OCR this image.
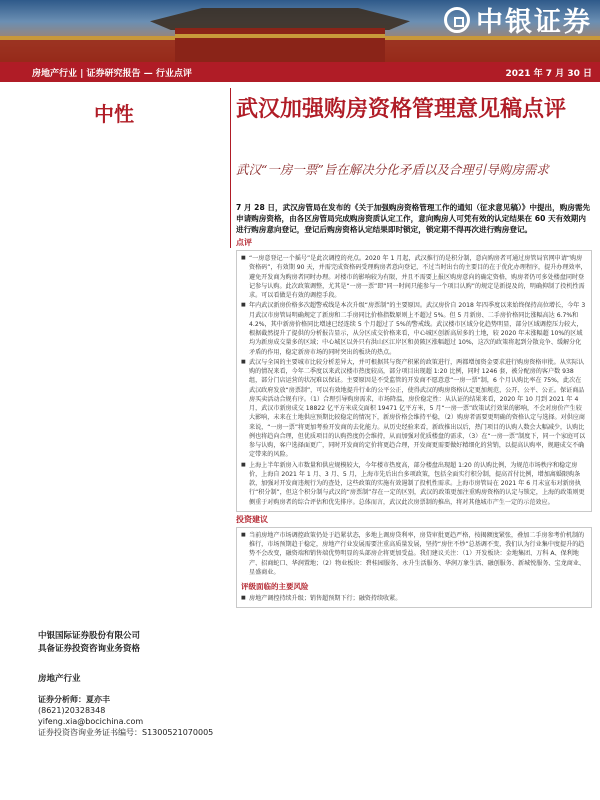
中银证券
房地产行业 | 证券研究报告 — 行业点评	2021 年 7 月 30 日
中性	武汉加强购房资格管理意见稿点评
武汉“一房一票”旨在解决分化矛盾以及合理引导购房需求

7 月 28 日，武汉房管局在发布的《关于加强购房资格管理工作的通知（征求意见稿）》中提出，购房需先申请购房资格，由各区房管局完成购房资质认定工作，意向购房人可凭有效的认定结果在 60 天有效期内进行购房意向登记，登记后购房资格认定结果即时锁定，锁定期不得再次进行购房登记。

点评

■ “一房意登记一个摇号”是此次调控的亮点。2020 年 1 月起，武汉推行的是积分制，意向购房者可通过房管局官网申请“购房资格码”，有效期 90 天，并需完成资格码受理购房者意向登记，不过当时出台的主要目的在于优化办理程序，提升办理效率，避免开发商为购房者同时办理。对楼市的影响较为有限，并且不需要上报区购房意向的确定资格，购房者仍可多处楼盘同时登记参与认购。此次政策调整，尤其是“一房一票”即“同一时间只能参与一个项目认购”的规定是新提及的，明确抑制了投机性需求。可以看做是有效的调控手段。

■ 年内武汉新房价格多次超警戒线是本次升级“房票制”的主要原因。武汉房价自 2018 年四季度以来始终保持高位增长，今年 3 月武汉市房管局明确规定了新房和二手房同比价格指数原则上不超过 5%。但 5 月新房、二手房价格同比涨幅高达 6.7%和 4.2%，其中新房价格同比增速已经连续 5 个月超过了 5%的警戒线。武汉楼市区域分化趋势明显，部分区域调控压力较大，根据截然提升了提供的分析报告显示，从分区成交价格来看，中心城区创新高居多的土地，较 2020 年末涨幅超 10%的区域均为新房成交量多的区域；中心城区以外只有洪山区江岸区和黄陂区涨幅超过 10%，这次的政策将起到分散竞争、缓解分化矛盾的作用，稳定新房市场的同时突出的板块的热点。

■ 武汉与全国的主要城市比较分析差异大，并可根据其与资产积累的政策进行，两都增加资金要求进行购房资格审批。从实际认购的情况来看，今年二季度以来武汉楼市热度较高，部分项目出现超 1:20 比例，同时 1246 套，被分配房的客户数 938 组，部分门店运营的状况难以保证。主要原因是不受监管的开发商不愿意意“一房一票”制，6 个月认购比率在 75%，此次在武汉政府发放“房票制”，可以有效地提升行业的公平公正，使得武汉的购房资格认定更加规范，公开、公平、公正。保证商品房买卖活动合规有序。（1）合理引导购房需求，市场降温，房价稳定性：从认证的结果来看，2020 年 10 月到 2021 年 4 月，武汉市新房成交 18822 亿平方米成交面积 19471 亿平方米，5 月“一房一票”政策试行效果的影响，不会对房价产生较大影响，未来在土地供应预期比较稳定的情况下，新房价格会维持平稳，（2）购房者需要更明确的资格认定与选择。对供应商来说，“一房一票”将更加考验开发商的去化能力。从历史经验来看，新政推出以后，热门项目的认购人数会大幅减少，认购比例也将趋向合理，但优质项目的认购热度仍会维持，从而加强对优质楼盘的需求，（3）在“一房一票”制度下，同一个家庭可以参与认购，客户选择面更广，同时开发商的定价将更趋合理，开发商更需要做好精细化的营销，以提高认购率，规避成交不确定带来的风险。

■ 上海上半年新房入市数量和供应规模较大，今年楼市热度高，部分楼盘出现超 1:20 的认购比例，为规范市场秩序和稳定房价，上海自 2021 年 1 月、3 月、5 月，上海市先后出台多项政策，包括全面实行积分制，提高首付比例，增加离婚限购条款，加强对开发商违规行为的查处，这些政策的实施有效遏制了投机性需求。上海市房管局在 2021 年 6 月末宣布对新房执行“积分制”，但这个积分制与武汉的“房票制”存在一定的区别，武汉的政策更加注重购房资格的认定与锁定，上海的政策则更侧重于对购房者的综合评估和优先排序。总体而言，武汉此次房票制的推出，将对其他城市产生一定的示范效应。

投资建议

■ 当前房地产市场调控政策仍处于趋紧状态，多地上调房贷利率，房贷审批更趋严格，按揭额度紧张，叠加二手房参考价机制的推行，市场预期趋于稳定，房地产行业发展需要注重高质量发展，坚持“房住不炒”总基调不变，我们认为行业集中度提升的趋势不会改变，融资端和销售端优势明显的头部房企将更加受益。我们建议关注：（1）开发板块：金地集团、万科 A、保利地产、招商蛇口、华润置地；（2）物业板块：碧桂园服务、永升生活服务、华润万象生活、融创服务、新城悦服务、宝龙商业、星盛商业。

评级面临的主要风险

■ 房地产调控持续升级；销售超预期下行；融资持续收紧。

中银国际证券股份有限公司
具备证券投资咨询业务资格
房地产行业
证券分析师：夏亦丰
(8621)20328348
yifeng.xia@bocichina.com
证券投资咨询业务证书编号：S1300521070005
